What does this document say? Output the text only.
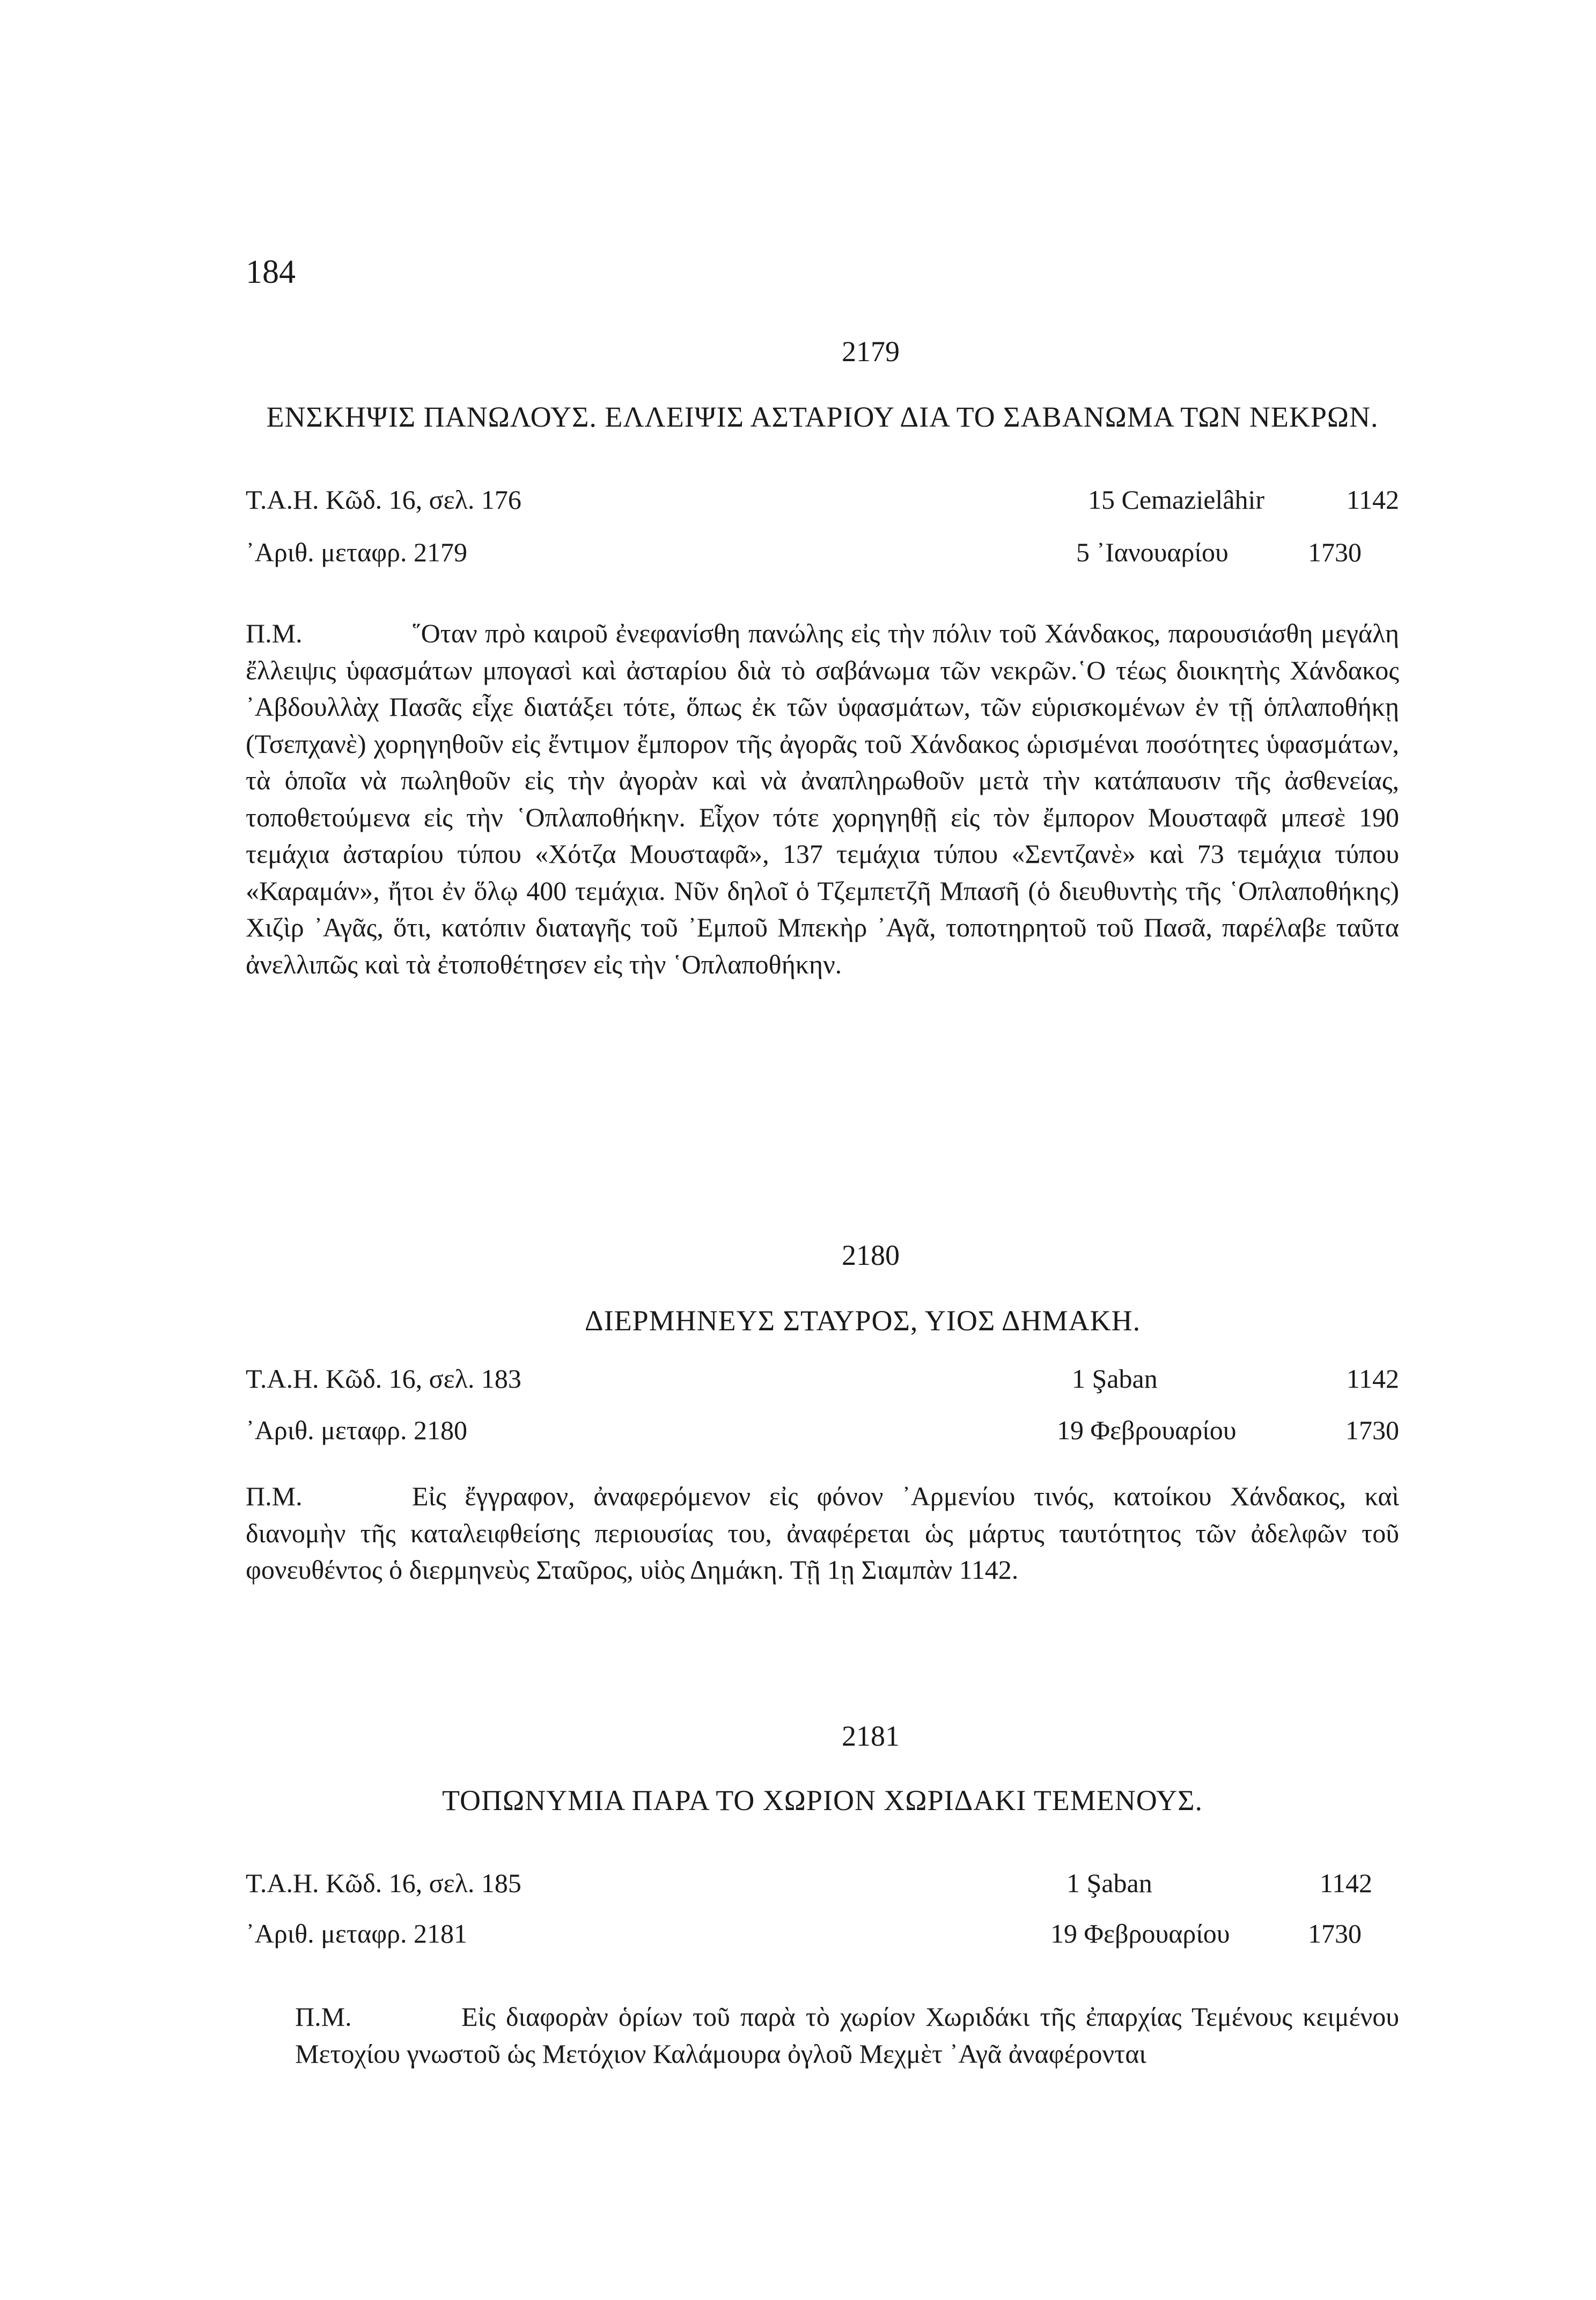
184
2179
ΕΝΣΚΗΨΙΣ ΠΑΝΩΛΟΥΣ. ΕΛΛΕΙΨΙΣ ΑΣΤΑΡΙΟΥ ΔΙΑ ΤΟ ΣΑΒΑΝΩΜΑ ΤΩΝ ΝΕΚΡΩΝ.
Τ.Α.Η. Κῶδ. 16, σελ. 176	15 Cemazielâhir	1142
᾿Αριθ. μεταφρ. 2179	5 ᾿Ιανουαρίου	1730
Π.Μ.	῞Οταν πρὸ καιροῦ ἐνεφανίσθη πανώλης εἰς τὴν πόλιν τοῦ Χάνδακος, παρουσιάσθη μεγάλη ἔλλειψις ὑφασμάτων μπογασὶ καὶ ἀσταρίου διὰ τὸ σαβάνωμα τῶν νεκρῶν.῾Ο τέως διοικητὴς Χάνδακος ᾿Αβδουλλὰχ Πασᾶς εἶχε διατάξει τότε, ὅπως ἐκ τῶν ὑφασμάτων, τῶν εὑρισκομένων ἐν τῇ ὁπλαποθήκῃ (Τσεπχανὲ) χορηγηθοῦν εἰς ἔντιμον ἔμπορον τῆς ἀγορᾶς τοῦ Χάνδακος ὡρισμέναι ποσότητες ὑφασμάτων, τὰ ὁποῖα νὰ πωληθοῦν εἰς τὴν ἀγορὰν καὶ νὰ ἀναπληρωθοῦν μετὰ τὴν κατάπαυσιν τῆς ἀσθενείας, τοποθετούμενα εἰς τὴν ῾Οπλαποθήκην. Εἶχον τότε χορηγηθῇ εἰς τὸν ἔμπορον Μουσταφᾶ μπεσὲ 190 τεμάχια ἀσταρίου τύπου «Χότζα Μουσταφᾶ», 137 τεμάχια τύπου «Σεντζανὲ» καὶ 73 τεμάχια τύπου «Καραμάν», ἤτοι ἐν ὅλῳ 400 τεμάχια. Νῦν δηλοῖ ὁ Τζεμπετζῆ Μπασῆ (ὁ διευθυντὴς τῆς ῾Οπλαποθήκης) Χιζὶρ ᾿Αγᾶς, ὅτι, κατόπιν διαταγῆς τοῦ ᾿Εμποῦ Μπεκὴρ ᾿Αγᾶ, τοποτηρητοῦ τοῦ Πασᾶ, παρέλαβε ταῦτα ἀνελλιπῶς καὶ τὰ ἐτοποθέτησεν εἰς τὴν ῾Οπλαποθήκην.
2180
ΔΙΕΡΜΗΝΕΥΣ ΣΤΑΥΡΟΣ, ΥΙΟΣ ΔΗΜΑΚΗ.
Τ.Α.Η. Κῶδ. 16, σελ. 183	1 Şaban	1142
᾿Αριθ. μεταφρ. 2180	19 Φεβρουαρίου	1730
Π.Μ.	Εἰς ἔγγραφον, ἀναφερόμενον εἰς φόνον ᾿Αρμενίου τινός, κατοίκου Χάνδακος, καὶ διανομὴν τῆς καταλειφθείσης περιουσίας του, ἀναφέρεται ὡς μάρτυς ταυτότητος τῶν ἀδελφῶν τοῦ φονευθέντος ὁ διερμηνεὺς Σταῦρος, υἱὸς Δημάκη. Τῇ 1ῃ Σιαμπὰν 1142.
2181
ΤΟΠΩΝΥΜΙΑ ΠΑΡΑ ΤΟ ΧΩΡΙΟΝ ΧΩΡΙΔΑΚΙ ΤΕΜΕΝΟΥΣ.
Τ.Α.Η. Κῶδ. 16, σελ. 185	1 Şaban	1142
᾿Αριθ. μεταφρ. 2181	19 Φεβρουαρίου	1730
Π.Μ.	Εἰς διαφορὰν ὁρίων τοῦ παρὰ τὸ χωρίον Χωριδάκι τῆς ἐπαρχίας Τεμένους κειμένου Μετοχίου γνωστοῦ ὡς Μετόχιον Καλάμουρα ὀγλοῦ Μεχμὲτ ᾿Αγᾶ ἀναφέρονται
